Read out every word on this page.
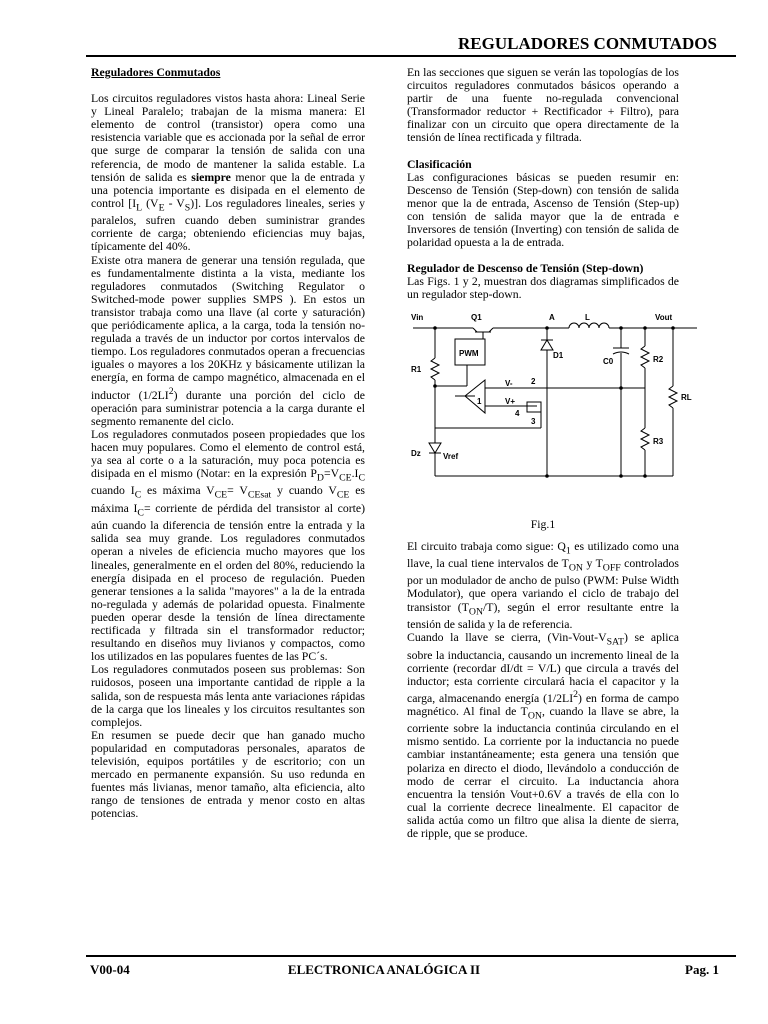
REGULADORES CONMUTADOS
Reguladores Conmutados

Los circuitos reguladores vistos hasta ahora: Lineal Serie y Lineal Paralelo; trabajan de la misma manera: El elemento de control (transistor) opera como una resistencia variable que es accionada por la señal de error que surge de comparar la tensión de salida con una referencia, de modo de mantener la salida estable. La tensión de salida es siempre menor que la de entrada y una potencia importante es disipada en el elemento de control [$I_L$ $(V_E - V_S)$]. Los reguladores lineales, series y paralelos, sufren cuando deben suministrar grandes corriente de carga; obteniendo eficiencias muy bajas, típicamente del 40%.

Existe otra manera de generar una tensión regulada, que es fundamentalmente distinta a la vista, mediante los reguladores conmutados (Switching Regulator o Switched-mode power supplies SMPS ). En estos un transistor trabaja como una llave (al corte y saturación) que periódicamente aplica, a la carga, toda la tensión no-regulada a través de un inductor por cortos intervalos de tiempo. Los reguladores conmutados operan a frecuencias iguales o mayores a los 20KHz y básicamente utilizan la energía, en forma de campo magnético, almacenada en el inductor $(1/2LI^2)$ durante una porción del ciclo de operación para suministrar potencia a la carga durante el segmento remanente del ciclo.

Los reguladores conmutados poseen propiedades que los hacen muy populares. Como el elemento de control está, ya sea al corte o a la saturación, muy poca potencia es disipada en el mismo (Notar: en la expresión $P_D=V_{CE}.I_C$ cuando $I_C$ es máxima $V_{CE}= V_{CEsat}$ y cuando $V_{CE}$ es máxima $I_C=$ corriente de pérdida del transistor al corte) aún cuando la diferencia de tensión entre la entrada y la salida sea muy grande. Los reguladores conmutados operan a niveles de eficiencia mucho mayores que los lineales, generalmente en el orden del 80%, reduciendo la energía disipada en el proceso de regulación. Pueden generar tensiones a la salida "mayores" a la de la entrada no-regulada y además de polaridad opuesta. Finalmente pueden operar desde la tensión de línea directamente rectificada y filtrada sin el transformador reductor; resultando en diseños muy livianos y compactos, como los utilizados en las populares fuentes de las PC´s.

Los reguladores conmutados poseen sus problemas: Son ruidosos, poseen una importante cantidad de ripple a la salida, son de respuesta más lenta ante variaciones rápidas de la carga que los lineales y los circuitos resultantes son complejos.

En resumen se puede decir que han ganado mucho popularidad en computadoras personales, aparatos de televisión, equipos portátiles y de escritorio; con un mercado en permanente expansión. Su uso redunda en fuentes más livianas, menor tamaño, alta eficiencia, alto rango de tensiones de entrada y menor costo en altas potencias.

En las secciones que siguen se verán las topologías de los circuitos reguladores conmutados básicos operando a partir de una fuente no-regulada convencional (Transformador reductor + Rectificador + Filtro), para finalizar con un circuito que opera directamente de la tensión de línea rectificada y filtrada.

Clasificación

Las configuraciones básicas se pueden resumir en: Descenso de Tensión (Step-down) con tensión de salida menor que la de entrada, Ascenso de Tensión (Step-up) con tensión de salida mayor que la de entrada e Inversores de tensión (Inverting) con tensión de salida de polaridad opuesta a la de entrada.

Regulador de Descenso de Tensión (Step-down)

Las Figs. 1 y 2, muestran dos diagramas simplificados de un regulador step-down.

Vin	Q1	A	L	Vout
R1
PWM	D1
C0	R2
RL
R3
Dz	Vref
V-
V+
1
2
3
4
Fig.1

El circuito trabaja como sigue: $Q_1$ es utilizado como una llave, la cual tiene intervalos de $T_{ON}$ y $T_{OFF}$ controlados por un modulador de ancho de pulso (PWM: Pulse Width Modulator), que opera variando el ciclo de trabajo del transistor $(T_{ON}/T)$, según el error resultante entre la tensión de salida y la de referencia.

Cuando la llave se cierra, $(Vin-Vout-V_{SAT})$ se aplica sobre la inductancia, causando un incremento lineal de la corriente (recordar dI/dt = V/L) que circula a través del inductor; esta corriente circulará hacia el capacitor y la carga, almacenando energía $(1/2LI^2)$ en forma de campo magnético. Al final de $T_{ON}$, cuando la llave se abre, la corriente sobre la inductancia continúa circulando en el mismo sentido. La corriente por la inductancia no puede cambiar instantáneamente; esta genera una tensión que polariza en directo el diodo, llevándolo a conducción de modo de cerrar el circuito. La inductancia ahora encuentra la tensión Vout+0.6V a través de ella con lo cual la corriente decrece linealmente. El capacitor de salida actúa como un filtro que alisa la diente de sierra, de ripple, que se produce.

V00-04	ELECTRONICA ANALÓGICA II	Pag. 1
